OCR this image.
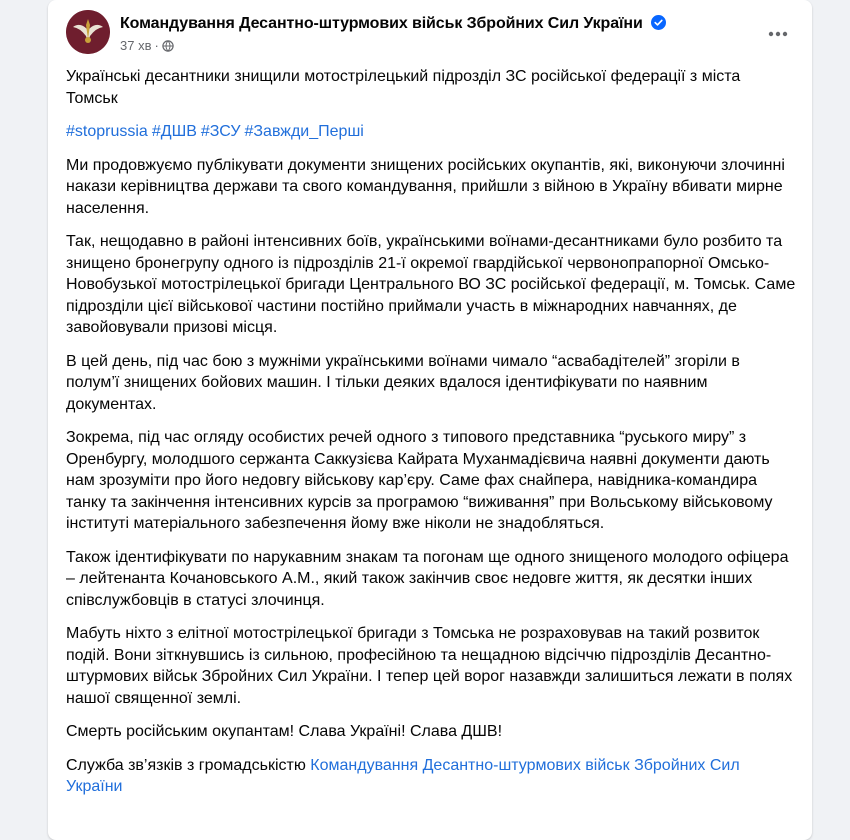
Командування Десантно-штурмових військ Збройних Сил України
37 хв ·

Українські десантники знищили мотострілецький підрозділ ЗС російської федерації з міста Томськ

#stoprussia #ДШВ #ЗСУ #Завжди_Перші

Ми продовжуємо публікувати документи знищених російських окупантів, які, виконуючи злочинні накази керівництва держави та свого командування, прийшли з війною в Україну вбивати мирне населення.

Так, нещодавно в районі інтенсивних боїв, українськими воїнами-десантниками було розбито та знищено бронегрупу одного із підрозділів 21-ї окремої гвардійської червонопрапорної Омсько-Новобузької мотострілецької бригади Центрального ВО ЗС російської федерації, м. Томськ. Саме підрозділи цієї військової частини постійно приймали участь в міжнародних навчаннях, де завойовували призові місця.

В цей день, під час бою з мужніми українськими воїнами чимало “асвабадітелей” згоріли в полум’ї знищених бойових машин. І тільки деяких вдалося ідентифікувати по наявним документах.

Зокрема, під час огляду особистих речей одного з типового представника “руського миру” з Оренбургу, молодшого сержанта Саккузієва Кайрата Муханмадієвича наявні документи дають нам зрозуміти про його недовгу військову кар’єру. Саме фах снайпера, навідника-командира танку та закінчення інтенсивних курсів за програмою “виживання” при Вольському військовому інституті матеріального забезпечення йому вже ніколи не знадобляться.

Також ідентифікувати по нарукавним знакам та погонам ще одного знищеного молодого офіцера – лейтенанта Кочановського А.М., який також закінчив своє недовге життя, як десятки інших співслужбовців в статусі злочинця.

Мабуть ніхто з елітної мотострілецької бригади з Томська не розраховував на такий розвиток подій. Вони зіткнувшись із сильною, професійною та нещадною відсіччю підрозділів Десантно-штурмових військ Збройних Сил України. І тепер цей ворог назавжди залишиться лежати в полях нашої священної землі.

Смерть російським окупантам! Слава Україні! Слава ДШВ!

Служба зв’язків з громадськістю Командування Десантно-штурмових військ Збройних Сил України
